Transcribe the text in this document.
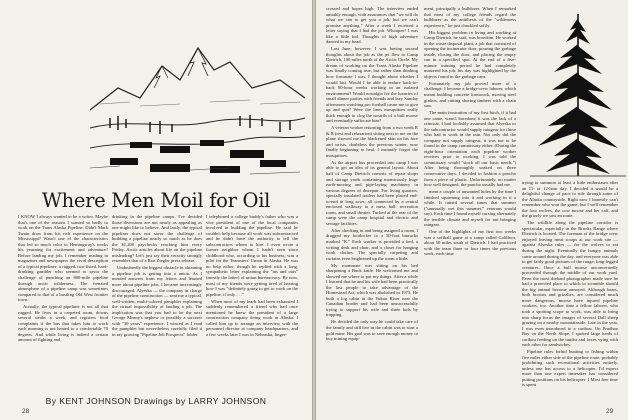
Where Men Moil for Oil

I KNOW I always wanted to be a writer. Maybe that's one of the reasons I wanted so badly to work on the Trans Alaska Pipeline. Didn't Mark Twain draw from his rich experience on the Mississippi? Wasn't one of the characteristics that led so much color to Hemingway's works his yearning for excitement and adventure? Before landing my job, I remember reading in magazines and newspapers the vivid description of a typical pipeliner: a rugged, two-fisted, hard-drinking gambler who seemed to savor the challenge of punching an 800-mile pipeline through arctic wilderness. The frenzied atmosphere of a pipeline camp was sometimes compared to that of a bustling Old West frontier town.

Actually, the typical pipeliner is not all that rugged. He lives in a carpeted room, downs several steaks a week, and registers food complaints if the bus that takes him to work each morning is not heated to a comfortable 70 degrees. And while living is indeed a certain amount of fighting and

drinking in the pipeline camps, I've decided those diversions are not nearly as appealing as one might like to believe. And lastly, the typical pipeliner does not savor the challenge of building a pipeline nearly so much as he does the $1,200 paychecks reaching him every Friday. Arctic articles about life on the pipeline misleading? Let's just say their veracity strongly resembles that of a Ron Ziegler press release.

Undoubtedly the biggest obstacle in obtaining a pipeline job is getting into a union. As I mooted answers from my letters and learned more about pipeline jobs, I became increasingly discouraged. Alyeska — the company in charge of the pipeline construction — sent me a typical, well-written, multi-colored pamphlet explaining the virtual impossibility of landing a job. The implication was that you had to be the next George Meany's nephew or possibly a sorcerer with "30 years" experience. I winced as I read the pamphlet but nevertheless carefully filed it in my growing "Pipeline Job Prospects" folder.

I telephoned a college buddy's father who was a vice president of one of the local companies involved in building the pipeline. He said he couldn't help because all work was subcontracted and he didn't have the authority to tell the subcontractors whom to hire. I even wrote a former neighbor whom I hadn't seen since childhood who, according to his business, was a pilot for the Teamsters' Union in Alaska. He was no help either, though he replied with a long, sympathetic letter explaining the "ins and outs" (mostly the latter) of union bureaucracy. By now, most of my friends were getting tired of hearing how I was "definitely going to get to work on the pipeline, if only . . ."

When most of my leads had been exhausted I suddenly remembered a friend who had once mentioned he knew the president of a large construction company doing work in Alaska. I called him up to arrange an interview with the personnel director at company headquarters, and a few weeks later I was in Nebraska, finger-

By KENT JOHNSON Drawings by LARRY JOHNSON
28

crossed and hopes high. The interview ended amiably enough, with assurances that "we will do what we can to get you a job, but we can't promise anything." After a week I received a letter saying that I had the job. Whoopee! I was like a little kid. Thoughts of high adventure danced in my head.

Last June, however, I was having second thoughts about the job as the jet flew to Camp Dietrich, 100 miles north of the Arctic Circle. My dream of working on the Trans Alaska Pipeline was finally coming true, but rather than thinking how fortunate I was, I thought about whether I would last. Would I be able to endure back-to-back 80-hour weeks working in an isolated environment? Would nostalgia for the luxuries of small dinner parties with friends and lazy Sunday afternoons watching pro football cause me to give up and quit? Were the lines mosquitoes really thick enough to clog the nostrils of a bull moose and eventually suffocate him?

A veteran worker returning from a two week R & R (rest and relaxation) sitting next to me on the plane showed me the blackened skin on his face and wrists, doubtless the previous winter, now finally beginning to heal. I instantly forgot the mosquitoes.

As the airport bus proceeded into camp I was able to get an idea of its general layout. About half of Camp Dietrich consists of repair shops and storage yards containing monstrously huge earth-moving and pipe-laying machinery in various degrees of disrepair. For living quarters, specially insulated trailers had been placed end-to-end in long rows, all connected by a central enclosed walkway to a mess hall, recreation room, and small theater. Tucked at the rear of the camp were the camp hospital and electric and sewage facilities.

After checking in and being assigned a room, I dragged my footlocker to a 50-foot barracks marked "K." Each worker is provided a bed, a writing desk and chair, and a closet for hanging work clothes. The specially carpeting and curtains even brightened up the room a little.

My roommate was sitting on his bed sharpening a Buck knife. He welcomed me and showed me where to put my things. After a while I learned that he and his wife had been practically the last people to take advantage of the Homestead Act, which was abolished in 1973. He built a log cabin in the Yukon River near the Canadian border and had been unsuccessfully trying to support his wife and three kids by trapping.

He decided the only way he could take care of the family and still live in the cabin was to start a gold mine. His goal was to save enough money to buy mining equip-

ment, principally a bulldozer. When I remarked that most of my college friends regard the bulldozer as the antithesis of the "wilderness experience," he just chuckled softly.

His biggest problem in living and working at Camp Dietrich, he said, was boredom. He worked in the waste disposal plant, a job that consisted of opening the incinerator door, pouring the garbage inside, closing the door, and placing the empty can in a specified spot. At the end of a five-minute training period he had completely mastered his job; his day was highlighted by the objects found in the garbage cans.

Fortunately my job proved more of a challenge. I became a bridge-crew laborer, which meant building concrete formwork, moving steel girders, and cutting shoring timbers with a chain saw.

The main frustration of my first bitch, if it had one came, wasn't boredom; it was the lack of a raincoat. I had foolishly assumed that Alyeska or the subcontractor would supply raingear for those who had to work in the rain. Not only did the company not supply raingear, it was not to be found in the camp commissary either. (During the eight-hour orientation each pipeline worker receives prior to working, I was told the commissary would "stock all our basic needs.") After being thoroughly soaked on three consecutive days, I decided to fashion a poncho from a piece of plastic. Unfortunately, no matter how well designed, the poncho usually had me

ment a couple of unwanted holes by the time I finished squirming into it and working in it a while. It rained several times that summer ("unusually wet this summer," veterans would say). Each time I found myself cursing alternately the terrible climate and myself for not bringing raingear.

One of the highlights of my first two weeks was a softball game at a camp called Coldfoot, about 50 miles south of Dietrich. I had practiced with the team three or four times the previous week, each time

trying to summon at least a little enthusiasm after an 11- or 12-hour day. I decided it would be a delightful change of pace to ride through some of the Alaska countryside. Right now I honestly can't remember who won the game, but I well remember the four wolves, the cow moose and her calf, and the grizzly we saw en route.

The wildlife along the pipeline corridor is spectacular, especially in the Brooks Range where Dietrich is located. The foreman of the bridge crew enjoyed leaving meat scraps at our work site — against Alyeska rules — for the wolves to eat during the night. Eventually the hungry animals came around during the day, and everyone was able to get fairly good pictures of the range; long-legged creatures. Once a bull moose unconcernedly proceeded through the middle of our work yard. Even the most diehard photographer made sure he had a protected place to which to scramble should the big animal become annoyed. Although bears, both browns and grizzlies, are considered much more dangerous, moose have injured pipeline workers, too. Another time a fellow laborer, who took a spotting scope to work, was able to bring into sharp focus the images of several Dall sheep grazing on a nearby mountainside. Late in the year, I was even introduced to a caribou. On Prudhoe Bay on the North Slope, I spotted large herds of caribou feeding on the tundra and foxes vying with each other for sandwiches.

Pipeline rules forbid hunting or fishing within five miles either side of the pipeline route, probably prohibiting such recreational activities entirely, unless one has access to a helicopter. I'd expect more than one expert timesaker has considered putting positions on his helicopter. I Most free time is spent

29
